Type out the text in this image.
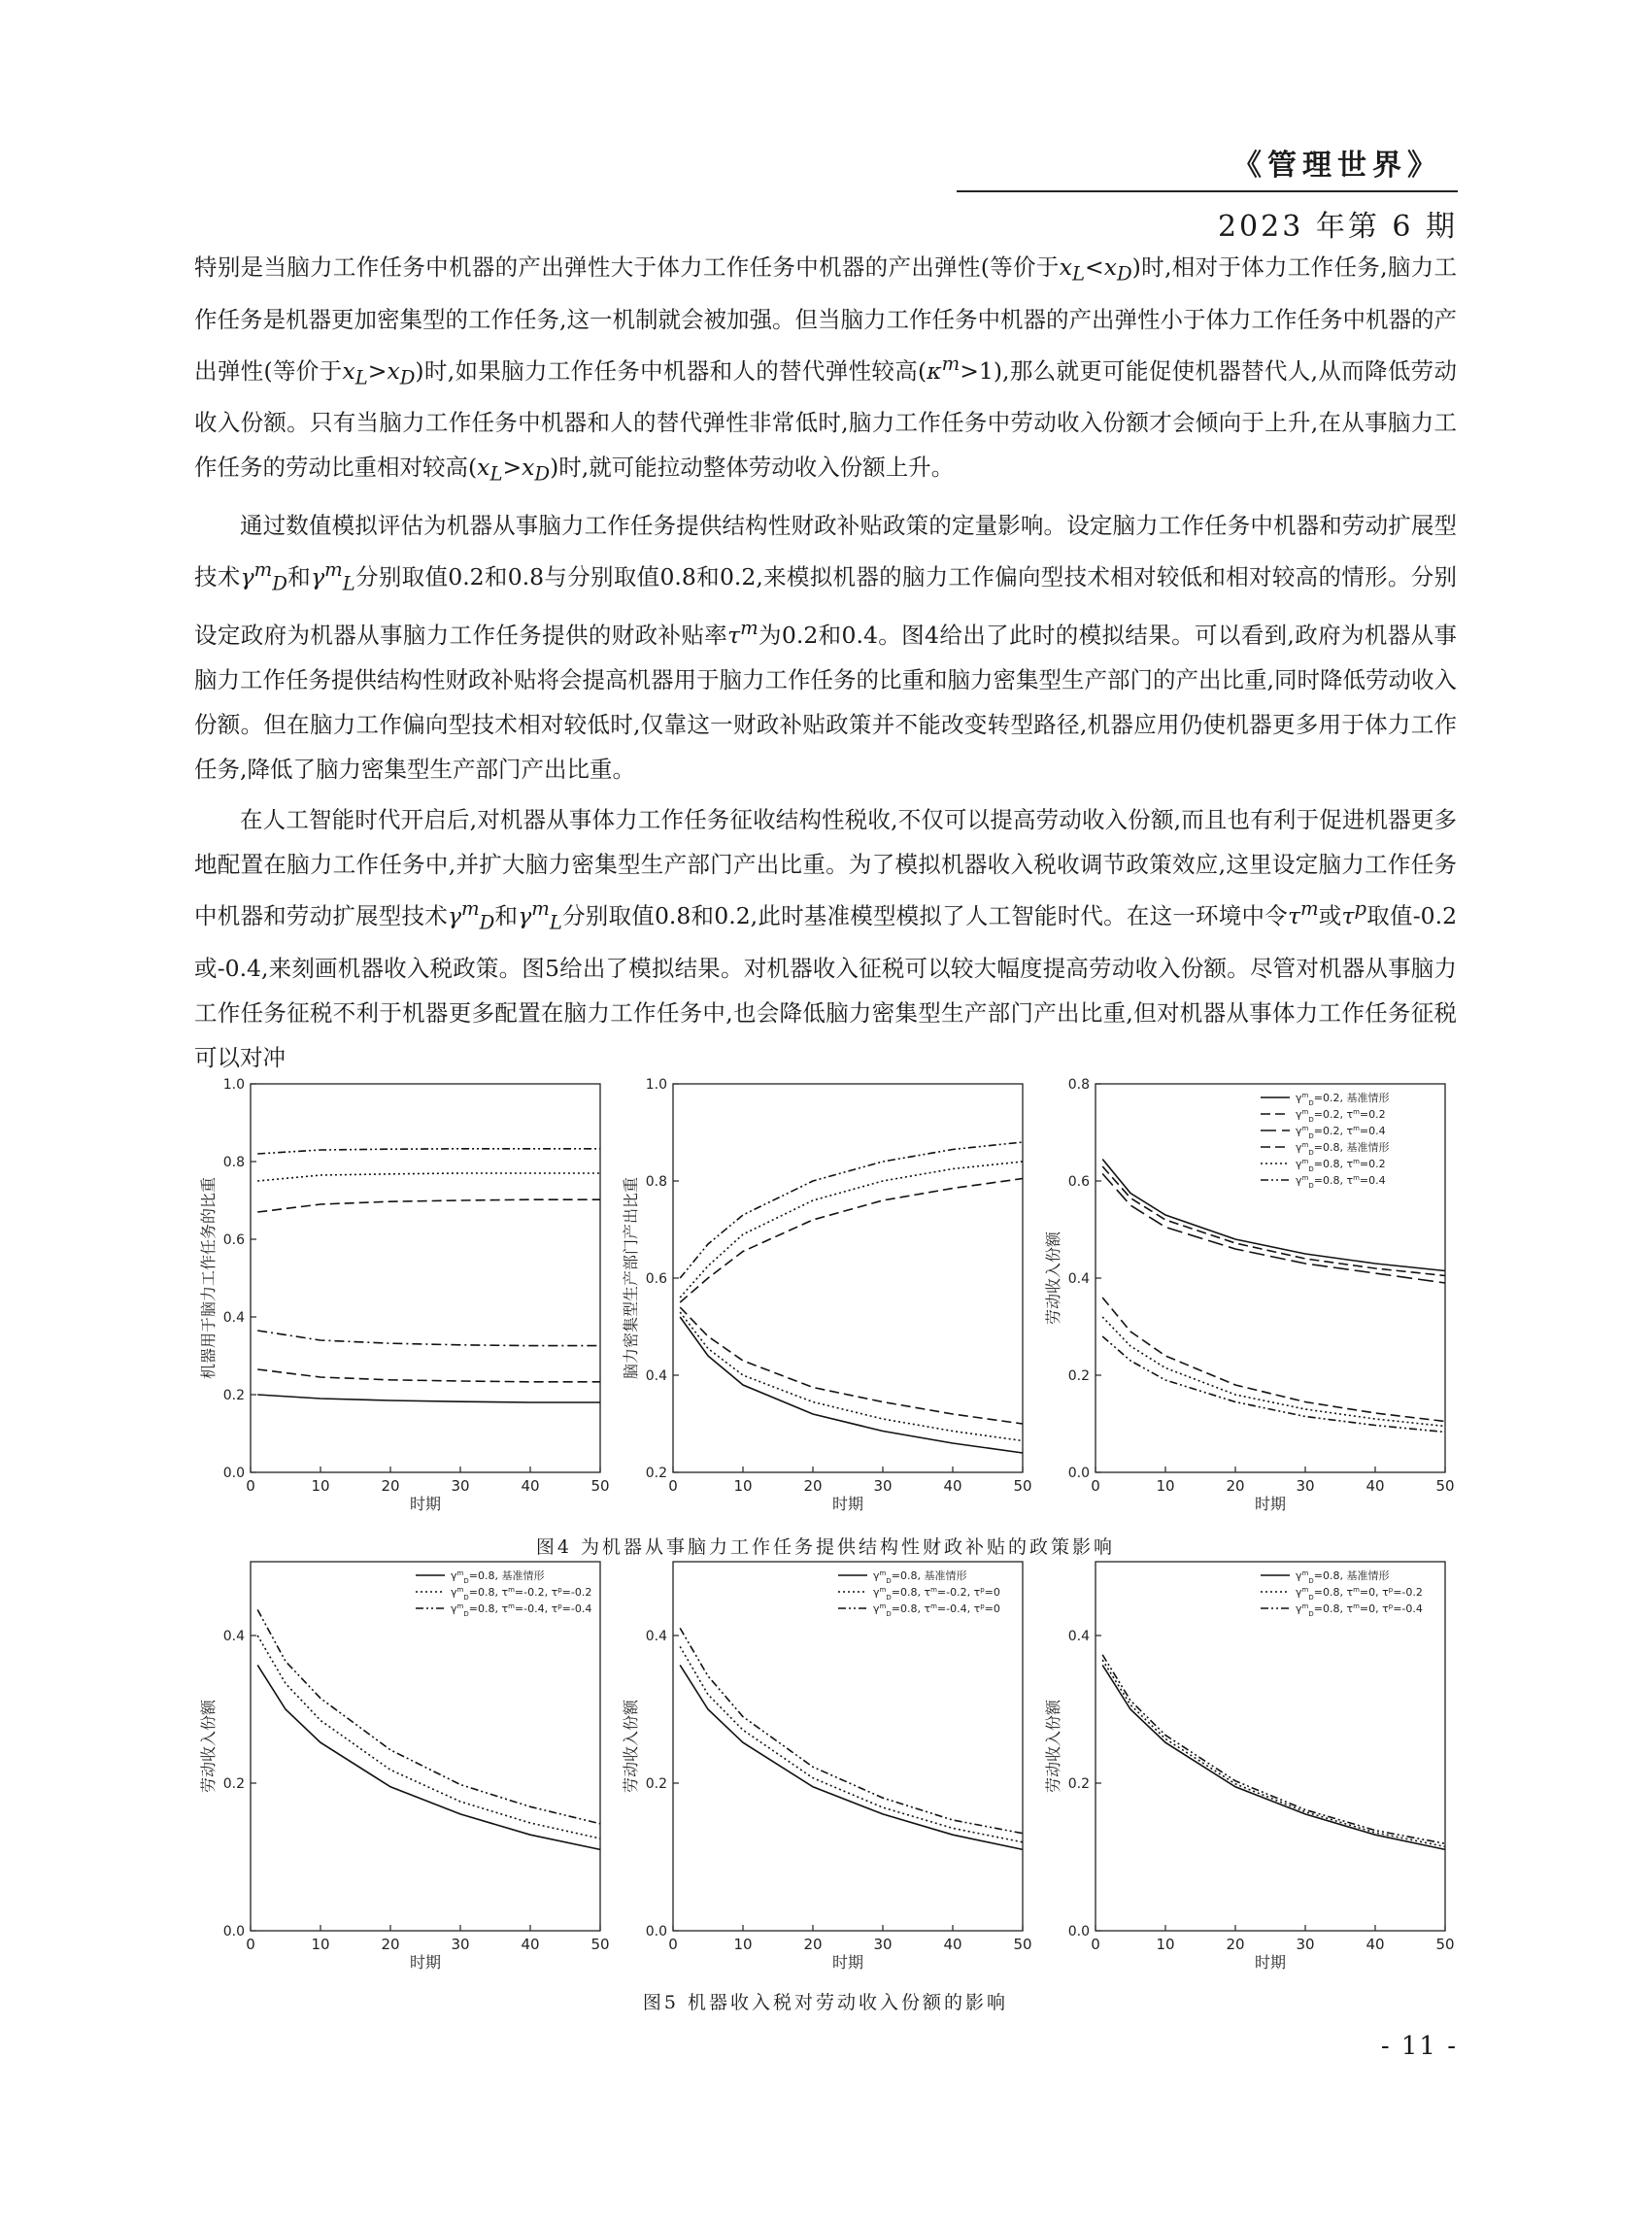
《管理世界》
2023 年第 6 期

特别是当脑力工作任务中机器的产出弹性大于体力工作任务中机器的产出弹性(等价于$x_L<x_D$)时,相对于体力工作任务,脑力工作任务是机器更加密集型的工作任务,这一机制就会被加强。但当脑力工作任务中机器的产出弹性小于体力工作任务中机器的产出弹性(等价于$x_L>x_D$)时,如果脑力工作任务中机器和人的替代弹性较高$(\kappa^m>1)$,那么就更可能促使机器替代人,从而降低劳动收入份额。只有当脑力工作任务中机器和人的替代弹性非常低时,脑力工作任务中劳动收入份额才会倾向于上升,在从事脑力工作任务的劳动比重相对较高$(x_L>x_D)$时,就可能拉动整体劳动收入份额上升。

通过数值模拟评估为机器从事脑力工作任务提供结构性财政补贴政策的定量影响。设定脑力工作任务中机器和劳动扩展型技术$\gamma^m_D$和$\gamma^m_L$分别取值0.2和0.8与分别取值0.8和0.2,来模拟机器的脑力工作偏向型技术相对较低和相对较高的情形。分别设定政府为机器从事脑力工作任务提供的财政补贴率$\tau^m$为0.2和0.4。图4给出了此时的模拟结果。可以看到,政府为机器从事脑力工作任务提供结构性财政补贴将会提高机器用于脑力工作任务的比重和脑力密集型生产部门的产出比重,同时降低劳动收入份额。但在脑力工作偏向型技术相对较低时,仅靠这一财政补贴政策并不能改变转型路径,机器应用仍使机器更多用于体力工作任务,降低了脑力密集型生产部门产出比重。

在人工智能时代开启后,对机器从事体力工作任务征收结构性税收,不仅可以提高劳动收入份额,而且也有利于促进机器更多地配置在脑力工作任务中,并扩大脑力密集型生产部门产出比重。为了模拟机器收入税收调节政策效应,这里设定脑力工作任务中机器和劳动扩展型技术$\gamma^m_D$和$\gamma^m_L$分别取值0.8和0.2,此时基准模型模拟了人工智能时代。在这一环境中令$\tau^m$或$\tau^p$取值-0.2或-0.4,来刻画机器收入税政策。图5给出了模拟结果。对机器收入征税可以较大幅度提高劳动收入份额。尽管对机器从事脑力工作任务征税不利于机器更多配置在脑力工作任务中,也会降低脑力密集型生产部门产出比重,但对机器从事体力工作任务征税可以对冲

0	10	20	30	40	50
0.0
0.2
0.4
0.6
0.8
1.0
时期
机器用于脑力工作任务的比重
0	10	20	30	40	50
0.2
0.4
0.6
0.8
1.0
时期
脑力密集型生产部门产出比重
0	10	20	30	40	50
0.0
0.2
0.4
0.6
0.8
时期
劳动收入份额
$\gamma^m_D=0.2$, 基准情形
$\gamma^m_D=0.2$, $\tau^m=0.2$
$\gamma^m_D=0.2$, $\tau^m=0.4$
$\gamma^m_D=0.8$, 基准情形
$\gamma^m_D=0.8$, $\tau^m=0.2$
$\gamma^m_D=0.8$, $\tau^m=0.4$
图4 为机器从事脑力工作任务提供结构性财政补贴的政策影响
0	10	20	30	40	50
0.0
0.2
0.4
时期
劳动收入份额
$\gamma^m_D=0.8$, 基准情形
$\gamma^m_D=0.8$, $\tau^m=-0.2$, $\tau^p=-0.2$
$\gamma^m_D=0.8$, $\tau^m=-0.4$, $\tau^p=-0.4$
0	10	20	30	40	50
0.0
0.2
0.4
时期
劳动收入份额
$\gamma^m_D=0.8$, 基准情形
$\gamma^m_D=0.8$, $\tau^m=-0.2$, $\tau^p=0$
$\gamma^m_D=0.8$, $\tau^m=-0.4$, $\tau^p=0$
0	10	20	30	40	50
0.0
0.2
0.4
时期
劳动收入份额
$\gamma^m_D=0.8$, 基准情形
$\gamma^m_D=0.8$, $\tau^m=0$, $\tau^p=-0.2$
$\gamma^m_D=0.8$, $\tau^m=0$, $\tau^p=-0.4$
图5 机器收入税对劳动收入份额的影响
- 11 -
